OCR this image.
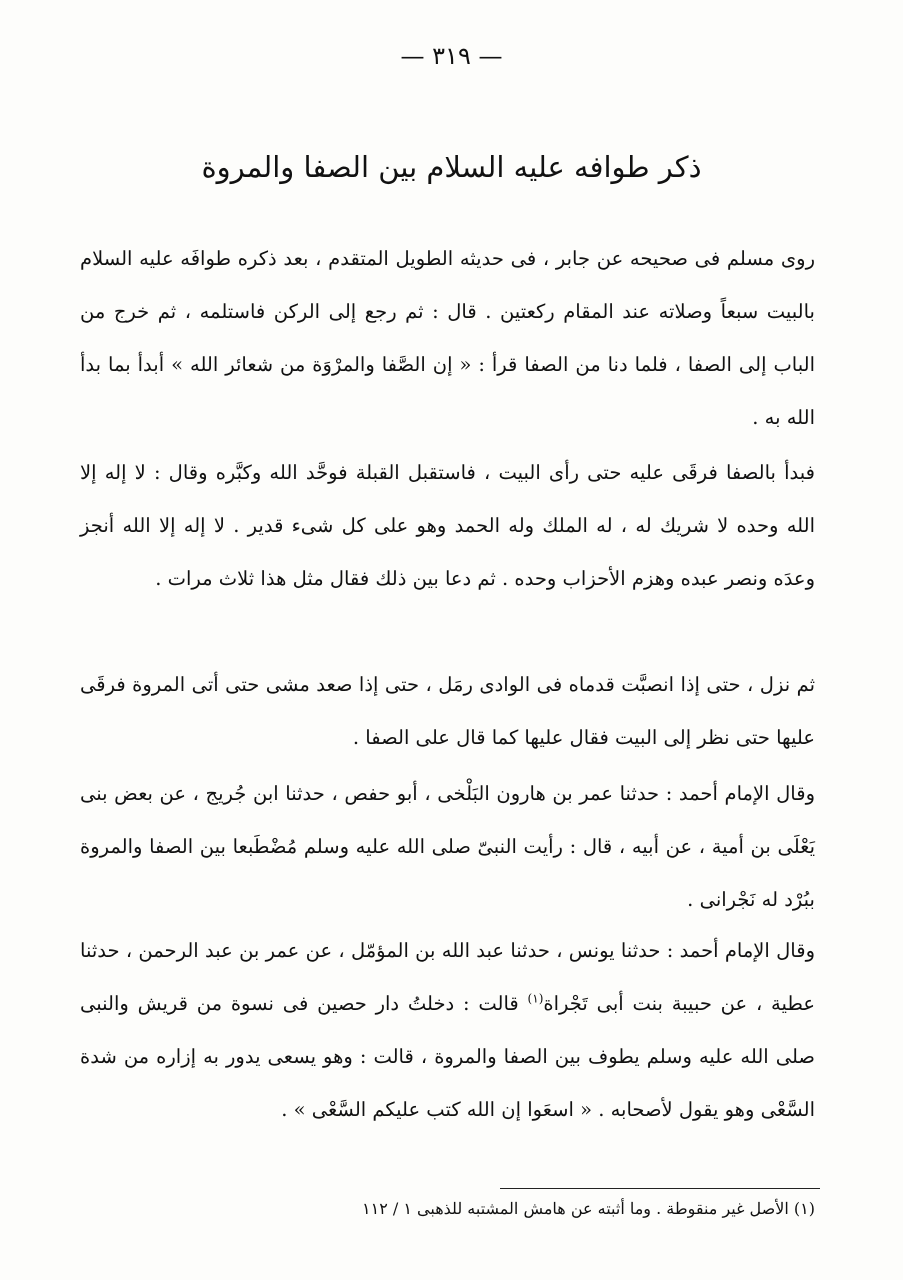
— ٣١٩ —
ذكر طوافه عليه السلام بين الصفا والمروة

روى مسلم فى صحيحه عن جابر ، فى حديثه الطويل المتقدم ، بعد ذكره طوافَه عليه السلام بالبيت سبعاً وصلاته عند المقام ركعتين . قال : ثم رجع إلى الركن فاستلمه ، ثم خرج من الباب إلى الصفا ، فلما دنا من الصفا قرأ : « إن الصَّفا والمرْوَة من شعائر الله » أبدأ بما بدأ الله به .

فبدأ بالصفا فرقَى عليه حتى رأى البيت ، فاستقبل القبلة فوحَّد الله وكبَّره وقال : لا إله إلا الله وحده لا شريك له ، له الملك وله الحمد وهو على كل شىء قدير . لا إله إلا الله أنجز وعدَه ونصر عبده وهزم الأحزاب وحده . ثم دعا بين ذلك فقال مثل هذا ثلاث مرات .

ثم نزل ، حتى إذا انصبَّت قدماه فى الوادى رمَل ، حتى إذا صعد مشى حتى أتى المروة فرقَى عليها حتى نظر إلى البيت فقال عليها كما قال على الصفا .

وقال الإمام أحمد : حدثنا عمر بن هارون البَلْخى ، أبو حفص ، حدثنا ابن جُريج ، عن بعض بنى يَعْلَى بن أمية ، عن أبيه ، قال : رأيت النبىّ صلى الله عليه وسلم مُضْطَبعا بين الصفا والمروة ببُرْد له نَجْرانى .

وقال الإمام أحمد : حدثنا يونس ، حدثنا عبد الله بن المؤمّل ، عن عمر بن عبد الرحمن ، حدثنا عطية ، عن حبيبة بنت أبى تَجْراة$^{(١)}$ قالت : دخلتُ دار حصين فى نسوة من قريش والنبى صلى الله عليه وسلم يطوف بين الصفا والمروة ، قالت : وهو يسعى يدور به إزاره من شدة السَّعْى وهو يقول لأصحابه . « اسعَوا إن الله كتب عليكم السَّعْى » .

(١) الأصل غير منقوطة . وما أثبته عن هامش المشتبه للذهبى ١ / ١١٢
